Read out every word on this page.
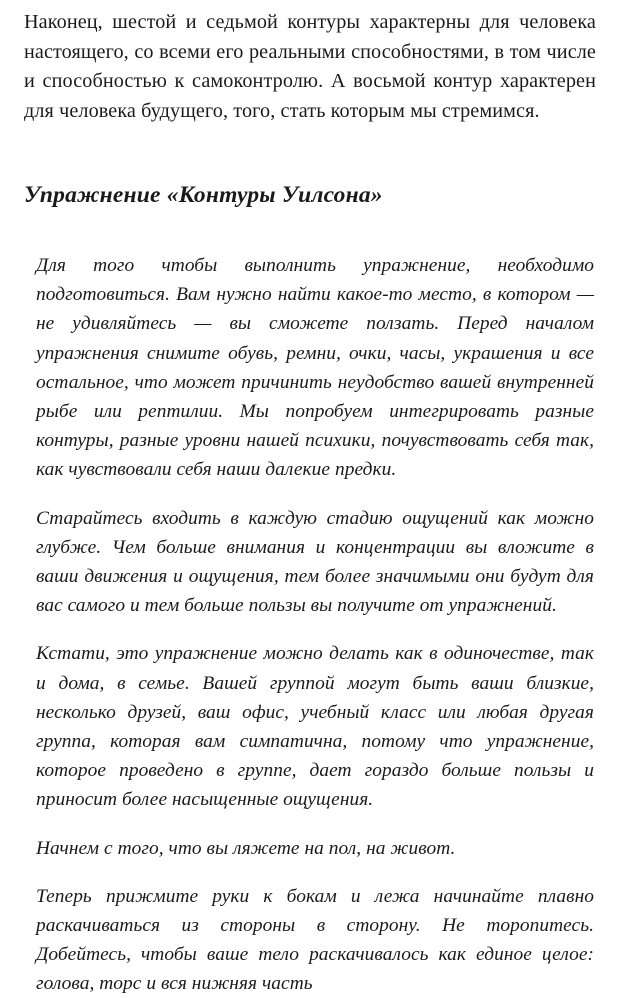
Наконец, шестой и седьмой контуры характерны для человека настоящего, со всеми его реальными способностями, в том числе и способностью к самоконтролю. А восьмой контур характерен для человека будущего, того, стать которым мы стремимся.

Упражнение «Контуры Уилсона»

Для того чтобы выполнить упражнение, необходимо подготовиться. Вам нужно найти какое-то место, в котором — не удивляйтесь — вы сможете ползать. Перед началом упражнения снимите обувь, ремни, очки, часы, украшения и все остальное, что может причинить неудобство вашей внутренней рыбе или рептилии. Мы попробуем интегрировать разные контуры, разные уровни нашей психики, почувствовать себя так, как чувствовали себя наши далекие предки.

Старайтесь входить в каждую стадию ощущений как можно глубже. Чем больше внимания и концентрации вы вложите в ваши движения и ощущения, тем более значимыми они будут для вас самого и тем больше пользы вы получите от упражнений.

Кстати, это упражнение можно делать как в одиночестве, так и дома, в семье. Вашей группой могут быть ваши близкие, несколько друзей, ваш офис, учебный класс или любая другая группа, которая вам симпатична, потому что упражнение, которое проведено в группе, дает гораздо больше пользы и приносит более насыщенные ощущения.

Начнем с того, что вы ляжете на пол, на живот.

Теперь прижмите руки к бокам и лежа начинайте плавно раскачиваться из стороны в сторону. Не торопитесь. Добейтесь, чтобы ваше тело раскачивалось как единое целое: голова, торс и вся нижняя часть
